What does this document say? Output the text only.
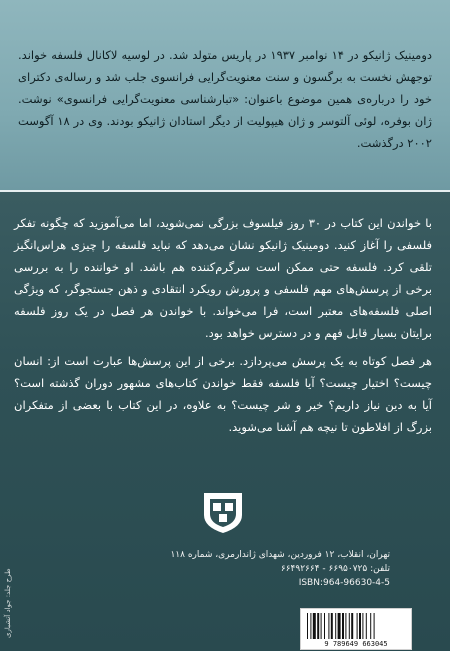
دومینیک ژانیکو در ۱۴ نوامبر ۱۹۳۷ در پاریس متولد شد. در لوسیه لاکانال فلسفه خواند. توجهش نخست به برگسون و سنت معنویت‌گرایی فرانسوی جلب شد و رساله‌ی دکترای خود را درباره‌ی همین موضوع باعنوان: «تبارشناسی معنویت‌گرایی فرانسوی» نوشت. ژان بوفره، لوئی آلتوسر و ژان هیپولیت از دیگر استادان ژانیکو بودند. وی در ۱۸ آگوست ۲۰۰۲ درگذشت.

با خواندن این کتاب در ۳۰ روز فیلسوف بزرگی نمی‌شوید، اما می‌آموزید که چگونه تفکر فلسفی را آغاز کنید. دومینیک ژانیکو نشان می‌دهد که نباید فلسفه را چیزی هراس‌انگیز تلقی کرد. فلسفه حتی ممکن است سرگرم‌کننده هم باشد. او خواننده را به بررسی برخی از پرسش‌های مهم فلسفی و پرورش رویکرد انتقادی و ذهن جستجوگر، که ویژگی اصلی فلسفه‌های معتبر است، فرا می‌خواند. با خواندن هر فصل در یک روز فلسفه برایتان بسیار قابل فهم و در دسترس خواهد بود.

هر فصل کوتاه به یک پرسش می‌پردازد. برخی از این پرسش‌ها عبارت است از: انسان چیست؟ اختیار چیست؟ آیا فلسفه فقط خواندن کتاب‌های مشهور دوران گذشته است؟ آیا به دین نیاز داریم؟ خیر و شر چیست؟ به علاوه، در این کتاب با بعضی از متفکران بزرگ از افلاطون تا نیچه هم آشنا می‌شوید.

تهران، انقلاب، ۱۲ فروردین، شهدای ژاندارمری، شماره ۱۱۸
تلفن: ۶۶۹۵۰۷۲۵ - ۶۶۴۹۲۶۶۴
ISBN:964-96630-4-5
طرح جلد: جواد آتشباری
9 789649 663045
